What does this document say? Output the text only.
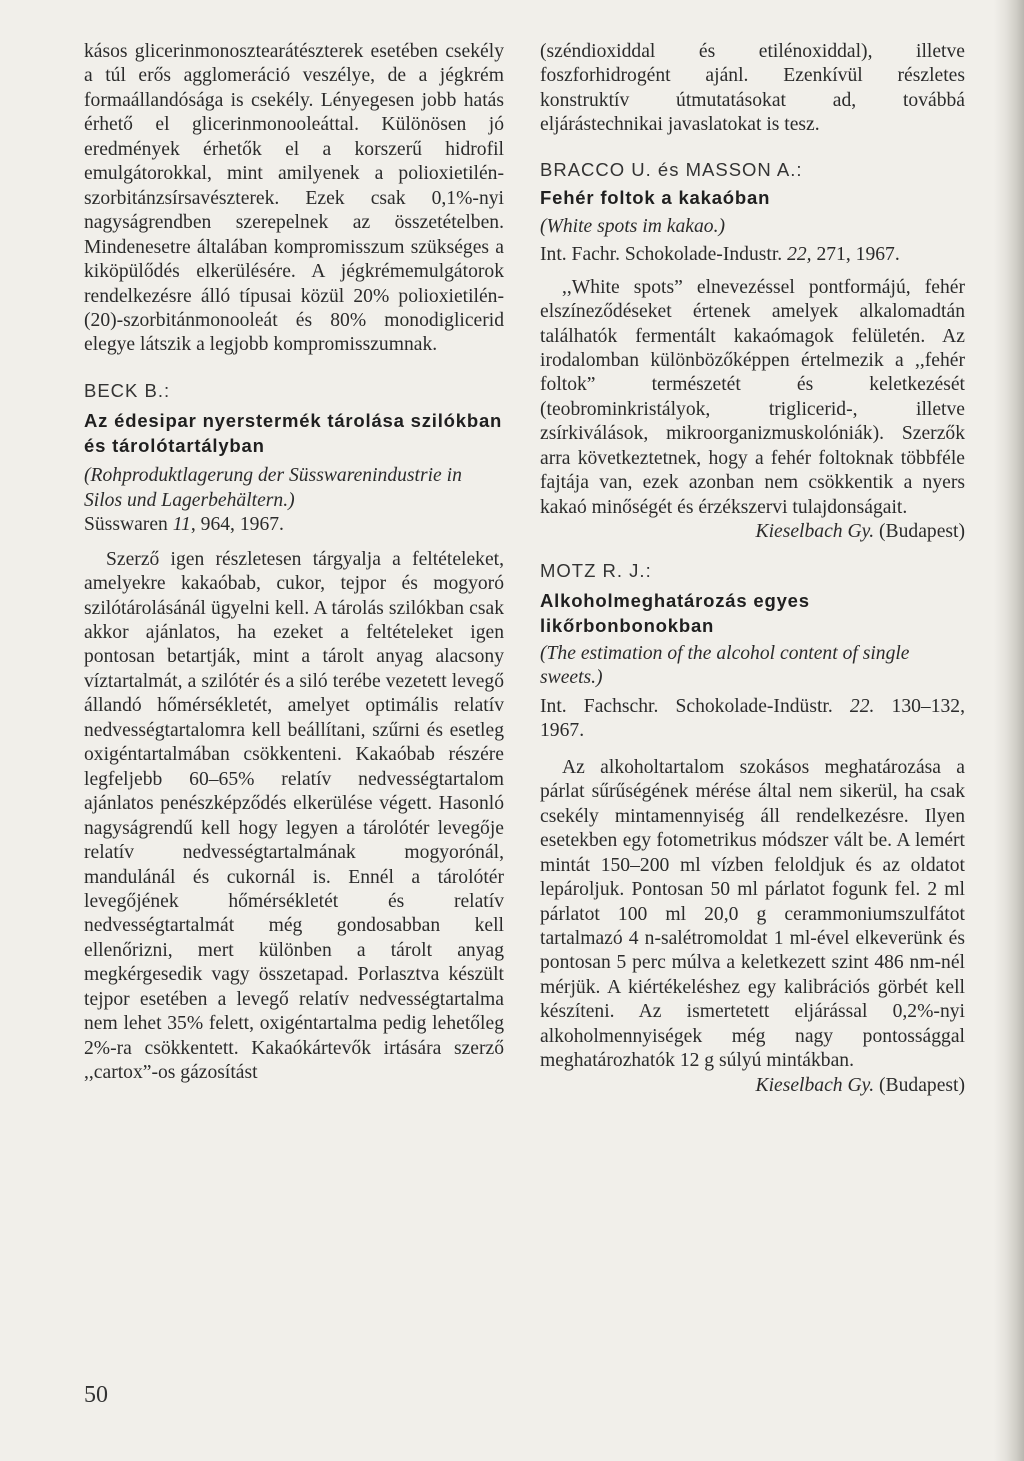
kásos glicerinmonosztearátészterek esetében csekély a túl erős agglomeráció veszélye, de a jégkrém formaállandósága is csekély. Lényegesen jobb hatás érhető el glicerinmonooleáttal. Különösen jó eredmények érhetők el a korszerű hidrofil emulgátorokkal, mint amilyenek a polioxietilén-szorbitánzsírsavészterek. Ezek csak 0,1%-nyi nagyságrendben szerepelnek az összetételben. Mindenesetre általában kompromisszum szükséges a kiköpülődés elkerülésére. A jégkrémemulgátorok rendelkezésre álló típusai közül 20% polioxietilén-(20)-szorbitánmonooleát és 80% monodiglicerid elegye látszik a legjobb kompromisszumnak.

BECK B.:

Az édesipar nyerstermék tárolása szilókban és tárolótartályban

(Rohproduktlagerung der Süsswarenindustrie in Silos und Lagerbehältern.)

Süsswaren 11, 964, 1967.

Szerző igen részletesen tárgyalja a feltételeket, amelyekre kakaóbab, cukor, tejpor és mogyoró szilótárolásánál ügyelni kell. A tárolás szilókban csak akkor ajánlatos, ha ezeket a feltételeket igen pontosan betartják, mint a tárolt anyag alacsony víztartalmát, a szilótér és a siló terébe vezetett levegő állandó hőmérsékletét, amelyet optimális relatív nedvességtartalomra kell beállítani, szűrni és esetleg oxigéntartalmában csökkenteni. Kakaóbab részére legfeljebb 60–65% relatív nedvességtartalom ajánlatos penészképződés elkerülése végett. Hasonló nagyságrendű kell hogy legyen a tárolótér levegője relatív nedvességtartalmának mogyorónál, mandulánál és cukornál is. Ennél a tárolótér levegőjének hőmérsékletét és relatív nedvességtartalmát még gondosabban kell ellenőrizni, mert különben a tárolt anyag megkérgesedik vagy összetapad. Porlasztva készült tejpor esetében a levegő relatív nedvességtartalma nem lehet 35% felett, oxigéntartalma pedig lehetőleg 2%-ra csökkentett. Kakaókártevők irtására szerző ,,cartox”-os gázosítást

(széndioxiddal és etilénoxiddal), illetve foszforhidrogént ajánl. Ezenkívül részletes konstruktív útmutatásokat ad, továbbá eljárástechnikai javaslatokat is tesz.

BRACCO U. és MASSON A.:

Fehér foltok a kakaóban

(White spots im kakao.)

Int. Fachr. Schokolade-Industr. 22, 271, 1967.

,,White spots” elnevezéssel pontformájú, fehér elszíneződéseket értenek amelyek alkalomadtán találhatók fermentált kakaómagok felületén. Az irodalomban különbözőképpen értelmezik a ,,fehér foltok” természetét és keletkezését (teobrominkristályok, triglicerid-, illetve zsírkiválások, mikroorganizmuskolóniák). Szerzők arra következtetnek, hogy a fehér foltoknak többféle fajtája van, ezek azonban nem csökkentik a nyers kakaó minőségét és érzékszervi tulajdonságait.

Kieselbach Gy. (Budapest)

MOTZ R. J.:

Alkoholmeghatározás egyes likőrbonbonokban

(The estimation of the alcohol content of single sweets.)

Int. Fachschr. Schokolade-Indüstr. 22. 130–132, 1967.

Az alkoholtartalom szokásos meghatározása a párlat sűrűségének mérése által nem sikerül, ha csak csekély mintamennyiség áll rendelkezésre. Ilyen esetekben egy fotometrikus módszer vált be. A lemért mintát 150–200 ml vízben feloldjuk és az oldatot lepároljuk. Pontosan 50 ml párlatot fogunk fel. 2 ml párlatot 100 ml 20,0 g cerammoniumszulfátot tartalmazó 4 n-salétromoldat 1 ml-ével elkeverünk és pontosan 5 perc múlva a keletkezett szint 486 nm-nél mérjük. A kiértékeléshez egy kalibrációs görbét kell készíteni. Az ismertetett eljárással 0,2%-nyi alkoholmennyiségek még nagy pontossággal meghatározhatók 12 g súlyú mintákban.

Kieselbach Gy. (Budapest)

50
